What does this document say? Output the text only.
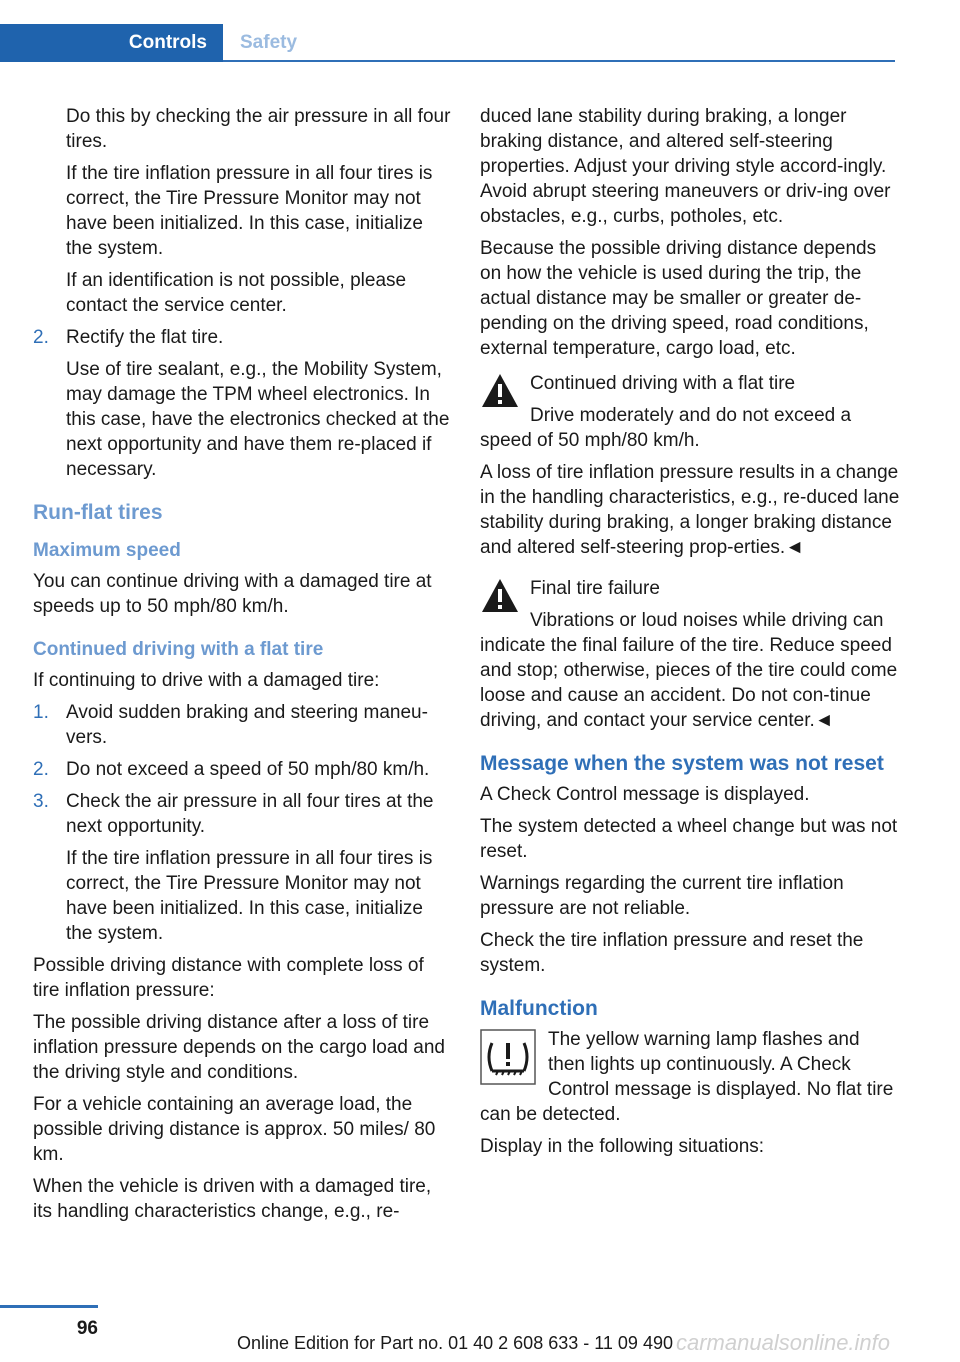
Controls	Safety
Do this by checking the air pressure in all four tires.
If the tire inflation pressure in all four tires is correct, the Tire Pressure Monitor may not have been initialized. In this case, initialize the system.
If an identification is not possible, please contact the service center.
2. Rectify the flat tire.
Use of tire sealant, e.g., the Mobility System, may damage the TPM wheel electronics. In this case, have the electronics checked at the next opportunity and have them re-placed if necessary.
Run-flat tires
Maximum speed
You can continue driving with a damaged tire at speeds up to 50 mph/80 km/h.
Continued driving with a flat tire
If continuing to drive with a damaged tire:
1. Avoid sudden braking and steering maneu-vers.
2. Do not exceed a speed of 50 mph/80 km/h.
3. Check the air pressure in all four tires at the next opportunity.
If the tire inflation pressure in all four tires is correct, the Tire Pressure Monitor may not have been initialized. In this case, initialize the system.
Possible driving distance with complete loss of tire inflation pressure:
The possible driving distance after a loss of tire inflation pressure depends on the cargo load and the driving style and conditions.
For a vehicle containing an average load, the possible driving distance is approx. 50 miles/ 80 km.
When the vehicle is driven with a damaged tire, its handling characteristics change, e.g., re-
duced lane stability during braking, a longer braking distance, and altered self-steering properties. Adjust your driving style accord-ingly. Avoid abrupt steering maneuvers or driv-ing over obstacles, e.g., curbs, potholes, etc.
Because the possible driving distance depends on how the vehicle is used during the trip, the actual distance may be smaller or greater de-pending on the driving speed, road conditions, external temperature, cargo load, etc.
Continued driving with a flat tire
Drive moderately and do not exceed a speed of 50 mph/80 km/h.
A loss of tire inflation pressure results in a change in the handling characteristics, e.g., re-duced lane stability during braking, a longer braking distance and altered self-steering prop-erties.◄
Final tire failure
Vibrations or loud noises while driving can indicate the final failure of the tire. Reduce speed and stop; otherwise, pieces of the tire could come loose and cause an accident. Do not con-tinue driving, and contact your service center.◄
Message when the system was not reset
A Check Control message is displayed.
The system detected a wheel change but was not reset.
Warnings regarding the current tire inflation pressure are not reliable.
Check the tire inflation pressure and reset the system.
Malfunction
The yellow warning lamp flashes and then lights up continuously. A Check Control message is displayed. No flat tire can be detected.
Display in the following situations:
96
Online Edition for Part no. 01 40 2 608 633 - 11 09 490 carmanualsonline.info
